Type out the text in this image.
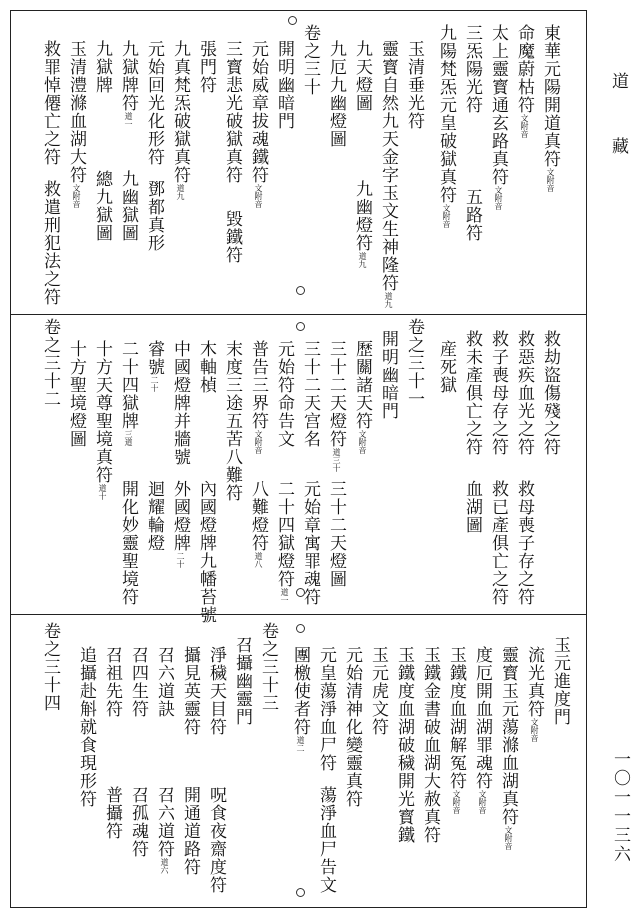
道 藏
一〇一一三六
東華元陽開道真符文附音
命魔蔚枯符文附音
太上靈寳通玄路真符文附音
三炁陽光符
五路符
九陽梵炁元皇破獄真符文附音
玉清垂光符
靈寳自然九天金字玉文生神隆符道九
九天燈圖
九幽燈符道九
九厄九幽燈圖
卷之三十
開明幽暗門
元始威章拔魂鐵符文附音
三寳悲光破獄真符
毀鐵符
張門符
九真梵炁破獄真符道九
元始回光化形符
鄧都真形
九獄牌符道一
九幽獄圖
九獄牌
總九獄圖
玉清澧滌血湖大符文附音
救罪悼僊亡之符
救遣刑犯法之符
救劫盜傷殘之符
救惡疾血光之符
救母喪子存之符
救子喪母存之符
救已產俱亡之符
救未產俱亡之符
血湖圖
産死獄
卷之三十一
開明幽暗門
歷關諸天符文附音
三十二天燈符道三十
三十二天燈圖
三十二天宫名
元始章寓罪魂符
元始符命告文
二十四獄燈符道一
普告三界符文附音
八難燈符道八
末度三途五苦八難符
木軸楨
內國燈牌九幡苔號
中國燈牌并牆號
外國燈牌二十
睿號二十
迴耀輪燈
二十四獄牌三道
開化妙靈聖境符
十方天尊聖境真符道十
十方聖境燈圖
卷之三十二
玉元進度門
流光真符文附音
靈寳玉元蕩滌血湖真符文附音
度厄開血湖罪魂符文附音
玉鐵度血湖解冤符文附音
玉鐵金書破血湖大赦真符
玉鐵度血湖破穢開光寳鐵
玉元虎文符
元始清神化變靈真符
元皇蕩淨血尸符
蕩淨血尸告文
團檄使者符道二
卷之三十三
召攝幽靈門
淨穢天目符
呪食夜齋度符
攝見英靈符
開通道路符
召六道訣
召六道符道六
召四生符
召孤魂符
召祖先符
普攝符
追攝赴斛就食現形符
卷之三十四
